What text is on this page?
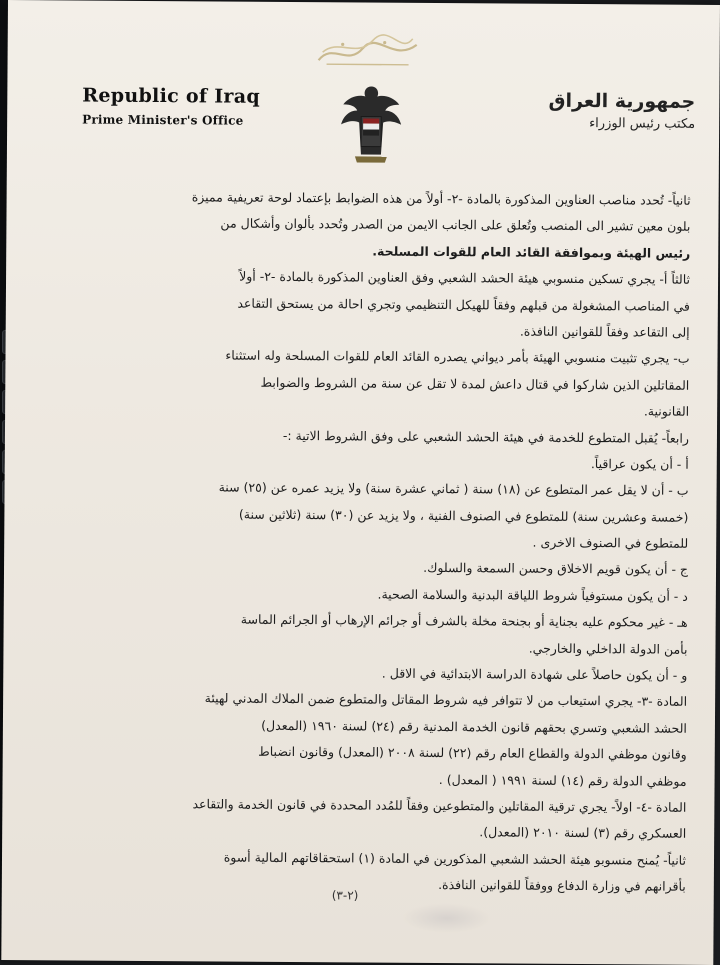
Republic of Iraq
Prime Minister's Office
جمهورية العراق
مكتب رئيس الوزراء
ثانياً- تُحدد مناصب العناوين المذكورة بالمادة -٢- أولاً من هذه الضوابط بإعتماد لوحة تعريفية مميزة
بلون معين تشير الى المنصب وتُعلق على الجانب الايمن من الصدر وتُحدد بألوان وأشكال من
رئيس الهيئة وبموافقة القائد العام للقوات المسلحة.
ثالثاً أ- يجري تسكين منسوبي هيئة الحشد الشعبي وفق العناوين المذكورة بالمادة -٢- أولاً
في المناصب المشغولة من قبلهم وفقاً للهيكل التنظيمي وتجري احالة من يستحق التقاعد
إلى التقاعد وفقاً للقوانين النافذة.
ب- يجري تثبيت منسوبي الهيئة بأمر ديواني يصدره القائد العام للقوات المسلحة وله استثناء
المقاتلين الذين شاركوا في قتال داعش لمدة لا تقل عن سنة من الشروط والضوابط
القانونية.
رابعاً- يُقبل المتطوع للخدمة في هيئة الحشد الشعبي على وفق الشروط الاتية :-
أ - أن يكون عراقياً.
ب - أن لا يقل عمر المتطوع عن (١٨) سنة ( ثماني عشرة سنة) ولا يزيد عمره عن (٢٥) سنة
(خمسة وعشرين سنة) للمتطوع في الصنوف الفنية ، ولا يزيد عن (٣٠) سنة (ثلاثين سنة)
للمتطوع في الصنوف الاخرى .
ج - أن يكون قويم الاخلاق وحسن السمعة والسلوك.
د - أن يكون مستوفياً شروط اللياقة البدنية والسلامة الصحية.
هـ - غير محكوم عليه بجناية أو بجنحة مخلة بالشرف أو جرائم الإرهاب أو الجرائم الماسة
بأمن الدولة الداخلي والخارجي.
و - أن يكون حاصلاً على شهادة الدراسة الابتدائية في الاقل .
المادة -٣- يجري استيعاب من لا تتوافر فيه شروط المقاتل والمتطوع ضمن الملاك المدني لهيئة
الحشد الشعبي وتسري بحقهم قانون الخدمة المدنية رقم (٢٤) لسنة ١٩٦٠ (المعدل)
وقانون موظفي الدولة والقطاع العام رقم (٢٢) لسنة ٢٠٠٨ (المعدل) وقانون انضباط
موظفي الدولة رقم (١٤) لسنة ١٩٩١ ( المعدل) .
المادة -٤- اولاً- يجري ترقية المقاتلين والمتطوعين وفقاً للمُدد المحددة في قانون الخدمة والتقاعد
العسكري رقم (٣) لسنة ٢٠١٠ (المعدل).
ثانياً- يُمنح منسوبو هيئة الحشد الشعبي المذكورين في المادة (١) استحقاقاتهم المالية أسوة
بأقرانهم في وزارة الدفاع ووفقاً للقوانين النافذة.
(٢-٣)
